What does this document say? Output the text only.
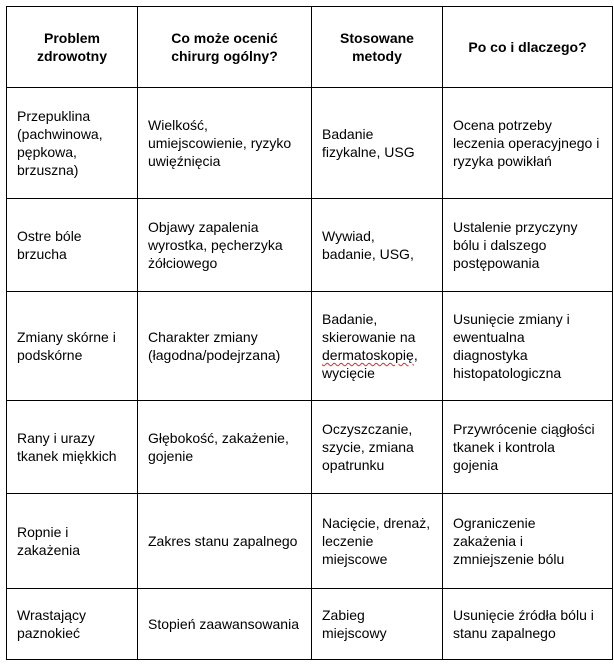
Problem zdrowotny	Co może ocenić chirurg ogólny?	Stosowane metody	Po co i dlaczego?
Przepuklina (pachwinowa, pępkowa, brzuszna)	Wielkość, umiejscowienie, ryzyko uwięźnięcia	Badanie fizykalne, USG	Ocena potrzeby leczenia operacyjnego i ryzyka powikłań
Ostre bóle brzucha	Objawy zapalenia wyrostka, pęcherzyka żółciowego	Wywiad, badanie, USG,	Ustalenie przyczyny bólu i dalszego postępowania
Zmiany skórne i podskórne	Charakter zmiany (łagodna/podejrzana)	Badanie, skierowanie na dermatoskopię, wycięcie	Usunięcie zmiany i ewentualna diagnostyka histopatologiczna
Rany i urazy tkanek miękkich	Głębokość, zakażenie, gojenie	Oczyszczanie, szycie, zmiana opatrunku	Przywrócenie ciągłości tkanek i kontrola gojenia
Ropnie i zakażenia	Zakres stanu zapalnego	Nacięcie, drenaż, leczenie miejscowe	Ograniczenie zakażenia i zmniejszenie bólu
Wrastający paznokieć	Stopień zaawansowania	Zabieg miejscowy	Usunięcie źródła bólu i stanu zapalnego
